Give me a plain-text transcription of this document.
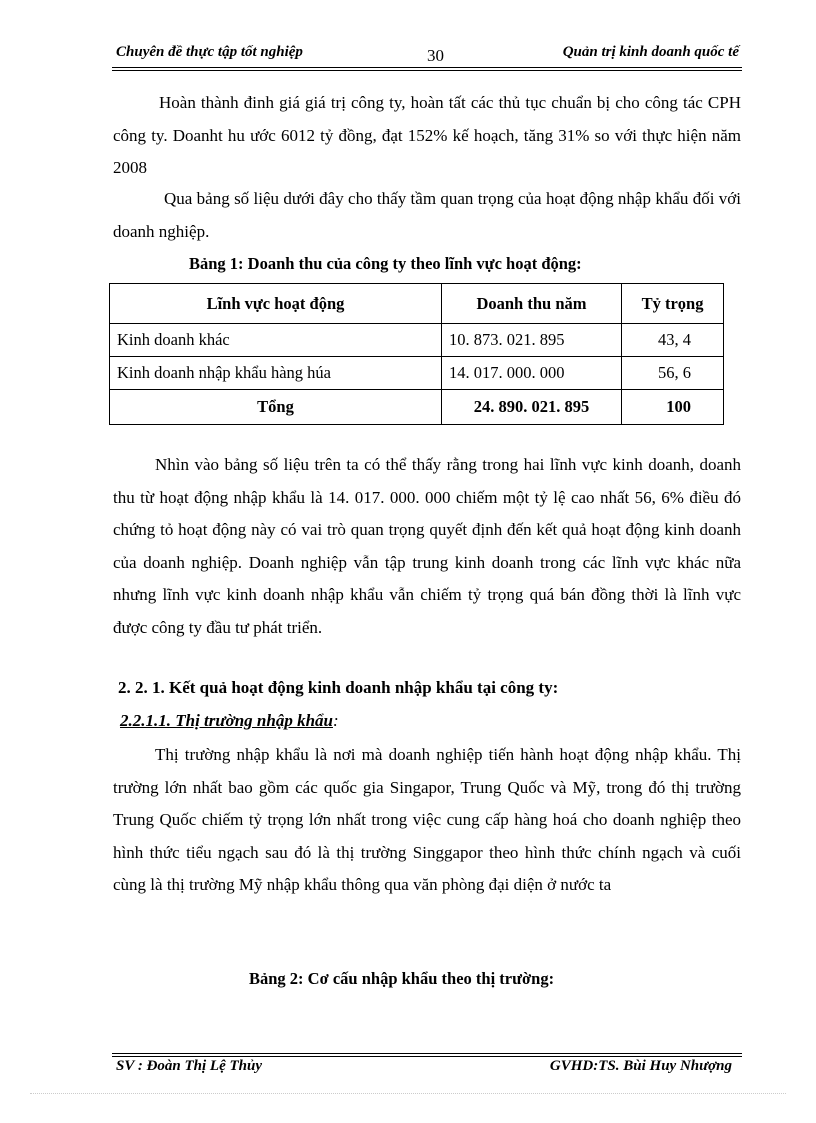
Chuyên đề thực tập tốt nghiệp	30	Quản trị kinh doanh quốc tế
Hoàn thành đinh giá giá trị công ty, hoàn tất các thủ tục chuẩn bị cho công tác CPH công ty. Doanht hu ước 6012 tỷ đồng, đạt 152% kế hoạch, tăng 31% so với thực hiện năm 2008
Qua bảng số liệu dưới đây cho thấy tầm quan trọng của hoạt động nhập khẩu đối với doanh nghiệp.
Bảng 1: Doanh thu của công ty theo lĩnh vực hoạt động:
Lĩnh vực hoạt động	Doanh thu năm	Tỷ trọng
Kinh doanh khác	10. 873. 021. 895	43, 4
Kinh doanh nhập khẩu hàng húa	14. 017. 000. 000	56, 6
Tổng	24. 890. 021. 895	100
Nhìn vào bảng số liệu trên ta có thể thấy rằng trong hai lĩnh vực kinh doanh, doanh thu từ hoạt động nhập khẩu là 14. 017. 000. 000 chiếm một tỷ lệ cao nhất 56, 6% điều đó chứng tỏ hoạt động này có vai trò quan trọng quyết định đến kết quả hoạt động kinh doanh của doanh nghiệp. Doanh nghiệp vẫn tập trung kinh doanh trong các lĩnh vực khác nữa nhưng lĩnh vực kinh doanh nhập khẩu vẫn chiếm tỷ trọng quá bán đồng thời là lĩnh vực được công ty đầu tư phát triển.
2. 2. 1. Kết quả hoạt động kinh doanh nhập khẩu tại công ty:
2.2.1.1. Thị trường nhập khẩu:
Thị trường nhập khẩu là nơi mà doanh nghiệp tiến hành hoạt động nhập khẩu. Thị trường lớn nhất bao gồm các quốc gia Singapor, Trung Quốc và Mỹ, trong đó thị trường Trung Quốc chiếm tỷ trọng lớn nhất trong việc cung cấp hàng hoá cho doanh nghiệp theo hình thức tiểu ngạch sau đó là thị trường Singgapor theo hình thức chính ngạch và cuối cùng là thị trường Mỹ nhập khẩu thông qua văn phòng đại diện ở nước ta
Bảng 2: Cơ cấu nhập khẩu theo thị trường:
SV : Đoàn Thị Lệ Thủy	GVHD:TS. Bùi Huy Nhượng
